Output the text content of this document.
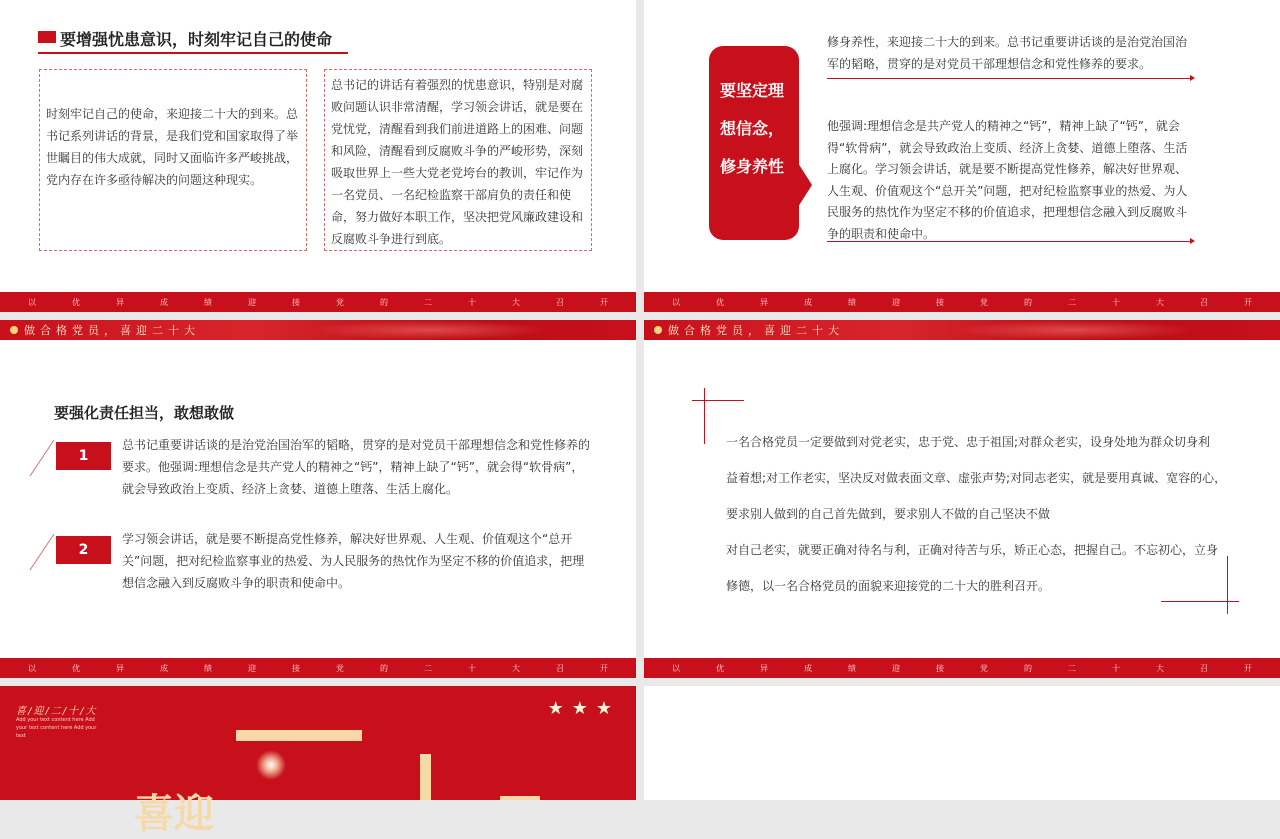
要增强忧患意识，时刻牢记自己的使命
时刻牢记自己的使命，来迎接二十大的到来。总书记系列讲话的背景，是我们党和国家取得了举世瞩目的伟大成就，同时又面临许多严峻挑战，党内存在许多亟待解决的问题这种现实。
总书记的讲话有着强烈的忧患意识，特别是对腐败问题认识非常清醒，学习领会讲话，就是要在党忧党，清醒看到我们前进道路上的困难、问题和风险，清醒看到反腐败斗争的严峻形势，深刻吸取世界上一些大党老党垮台的教训，牢记作为一名党员、一名纪检监察干部肩负的责任和使命，努力做好本职工作，坚决把党风廉政建设和反腐败斗争进行到底。
以	优	异	成	绩	迎	接	党	的	二	十	大	召	开
要坚定理想信念，修身养性
修身养性，来迎接二十大的到来。总书记重要讲话谈的是治党治国治军的韬略，贯穿的是对党员干部理想信念和党性修养的要求。
他强调:理想信念是共产党人的精神之“钙”，精神上缺了“钙”，就会得“软骨病”，就会导致政治上变质、经济上贪婪、道德上堕落、生活上腐化。学习领会讲话，就是要不断提高党性修养，解决好世界观、人生观、价值观这个“总开关”问题，把对纪检监察事业的热爱、为人民服务的热忱作为坚定不移的价值追求，把理想信念融入到反腐败斗争的职责和使命中。
以	优	异	成	绩	迎	接	党	的	二	十	大	召	开
做合格党员，喜迎二十大
要强化责任担当，敢想敢做
1
总书记重要讲话谈的是治党治国治军的韬略，贯穿的是对党员干部理想信念和党性修养的要求。他强调:理想信念是共产党人的精神之“钙”，精神上缺了“钙”，就会得“软骨病”，就会导致政治上变质、经济上贪婪、道德上堕落、生活上腐化。
2
学习领会讲话，就是要不断提高党性修养，解决好世界观、人生观、价值观这个“总开关”问题，把对纪检监察事业的热爱、为人民服务的热忱作为坚定不移的价值追求，把理想信念融入到反腐败斗争的职责和使命中。
以	优	异	成	绩	迎	接	党	的	二	十	大	召	开
做合格党员，喜迎二十大
一名合格党员一定要做到对党老实，忠于党、忠于祖国;对群众老实，设身处地为群众切身利
益着想;对工作老实，坚决反对做表面文章、虚张声势;对同志老实，就是要用真诚、宽容的心，
要求别人做到的自己首先做到，要求别人不做的自己坚决不做
对自己老实，就要正确对待名与利，正确对待苦与乐，矫正心态，把握自己。不忘初心，立身
修德，以一名合格党员的面貌来迎接党的二十大的胜利召开。
以	优	异	成	绩	迎	接	党	的	二	十	大	召	开
喜/迎/二/十/大
Add your text content here Add your text content here Add your text
★★★
喜迎
